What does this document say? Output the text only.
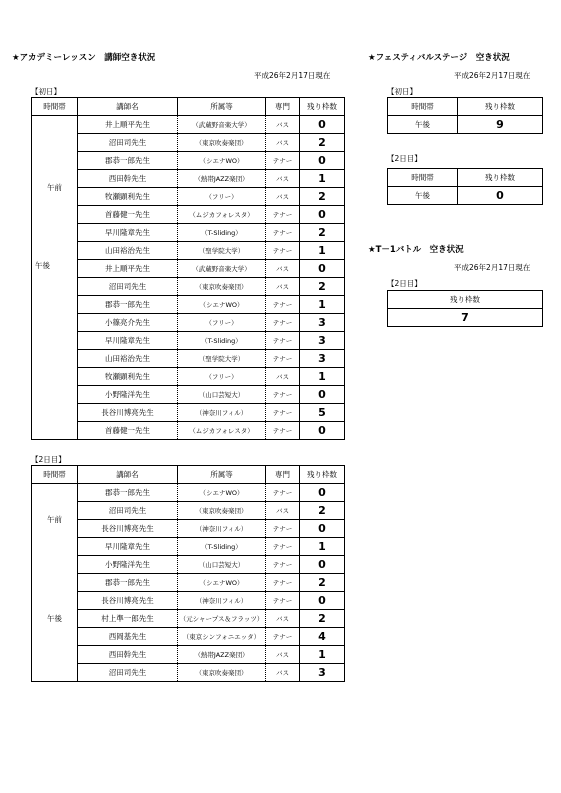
★アカデミーレッスン　講師空き状況
平成26年2月17日現在
【初日】
時間帯	講師名	所属等	専門	残り枠数
午前	井上順平先生	（武蔵野音楽大学）	バス	0
	沼田司先生	（東京吹奏楽団）	バス	2
	郡恭一郎先生	（シエナWO）	テナー	0
	西田幹先生	（熱帯JAZZ楽団）	バス	1
	牧瀬顕利先生	（フリー）	バス	2
	首藤健一先生	（ムジカフォレスタ）	テナー	0
	早川隆章先生	（T-Sliding）	テナー	2
	山田裕治先生	（聖学院大学）	テナー	1
午後	井上順平先生	（武蔵野音楽大学）	バス	0
	沼田司先生	（東京吹奏楽団）	バス	2
	郡恭一郎先生	（シエナWO）	テナー	1
	小篠亮介先生	（フリー）	テナー	3
	早川隆章先生	（T-Sliding）	テナー	3
	山田裕治先生	（聖学院大学）	テナー	3
	牧瀬顕利先生	（フリー）	バス	1
	小野隆洋先生	（山口芸短大）	テナー	0
	長谷川博亮先生	（神奈川フィル）	テナー	5
	首藤健一先生	（ムジカフォレスタ）	テナー	0
【2日目】
時間帯	講師名	所属等	専門	残り枠数
午前	郡恭一郎先生	（シエナWO）	テナー	0
	沼田司先生	（東京吹奏楽団）	バス	2
	長谷川博亮先生	（神奈川フィル）	テナー	0
	早川隆章先生	（T-Sliding）	テナー	1
午後	小野隆洋先生	（山口芸短大）	テナー	0
	郡恭一郎先生	（シエナWO）	テナー	2
	長谷川博亮先生	（神奈川フィル）	テナー	0
	村上準一郎先生	（元シャープス＆フラッツ）	バス	2
	西岡基先生	（東京シンフォニエッタ）	テナー	4
	西田幹先生	（熱帯JAZZ楽団）	バス	1
	沼田司先生	（東京吹奏楽団）	バス	3
★フェスティバルステージ　空き状況
平成26年2月17日現在
【初日】
時間帯	残り枠数
午後	9
【2日目】
時間帯	残り枠数
午後	0
★T－1バトル　空き状況
平成26年2月17日現在
【2日目】
残り枠数
7
